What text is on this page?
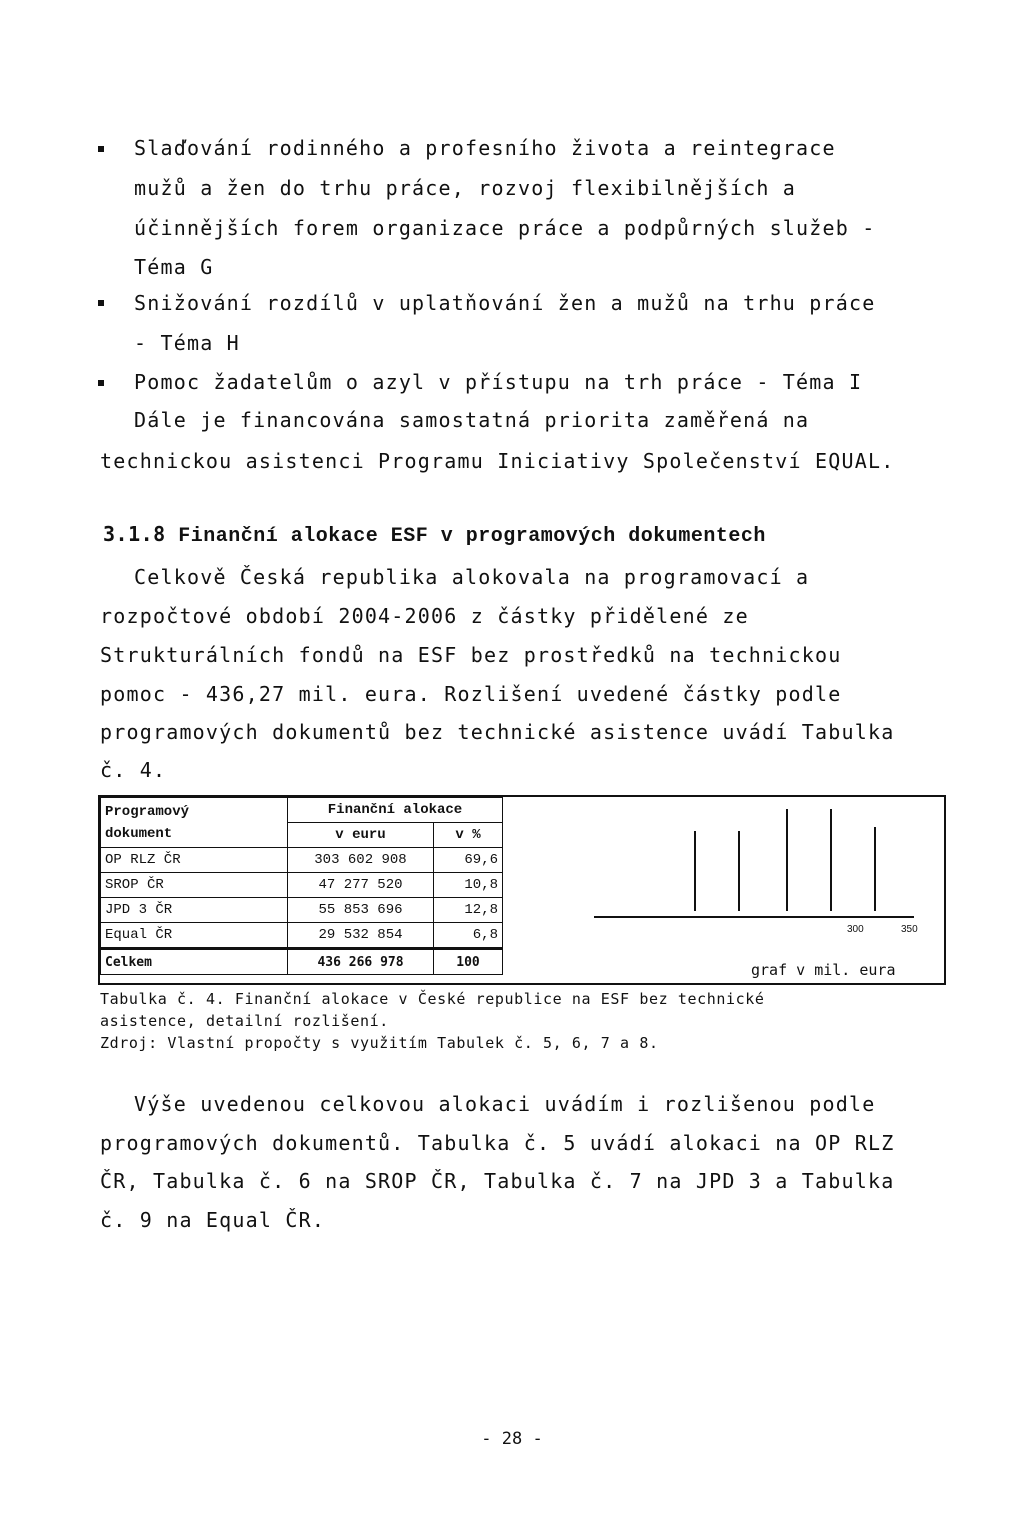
Slaďování rodinného a profesního života a reintegrace
mužů a žen do trhu práce, rozvoj flexibilnějších a
účinnějších forem organizace práce a podpůrných služeb -
Téma G
Snižování rozdílů v uplatňování žen a mužů na trhu práce
- Téma H
Pomoc žadatelům o azyl v přístupu na trh práce - Téma I
Dále je financována samostatná priorita zaměřená na
technickou asistenci Programu Iniciativy Společenství EQUAL.
3.1.8 Finanční alokace ESF v programových dokumentech
Celkově Česká republika alokovala na programovací a
rozpočtové období 2004-2006 z částky přidělené ze
Strukturálních fondů na ESF bez prostředků na technickou
pomoc - 436,27 mil. eura. Rozlišení uvedené částky podle
programových dokumentů bez technické asistence uvádí Tabulka
č. 4.
Programový
dokument	Finanční alokace	
	v euru	v %
OP RLZ ČR	303 602 908	69,6
SROP ČR	47 277 520	10,8
JPD 3 ČR	55 853 696	12,8
Equal ČR	29 532 854	6,8
Celkem	436 266 978	100
300	350
graf v mil. eura
Tabulka č. 4. Finanční alokace v České republice na ESF bez technické
asistence, detailní rozlišení.
Zdroj: Vlastní propočty s využitím Tabulek č. 5, 6, 7 a 8.
Výše uvedenou celkovou alokaci uvádím i rozlišenou podle
programových dokumentů. Tabulka č. 5 uvádí alokaci na OP RLZ
ČR, Tabulka č. 6 na SROP ČR, Tabulka č. 7 na JPD 3 a Tabulka
č. 9 na Equal ČR.
- 28 -
